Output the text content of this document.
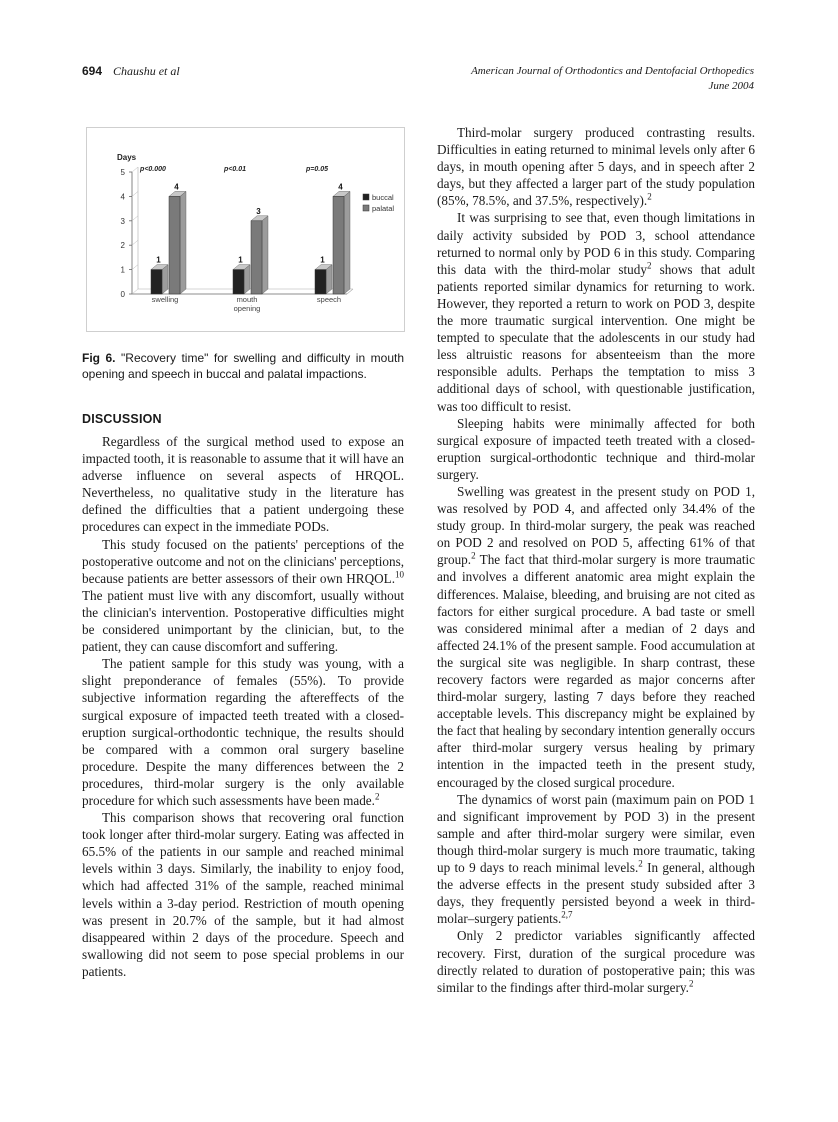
694 Chaushu et al	American Journal of Orthodontics and Dentofacial Orthopedics
June 2004
Days
0
1
2
3
4
5
1
4
swelling
p<0.000
1
3
mouth
opening
p<0.01
1
4
speech
p=0.05
buccal
palatal
Fig 6. "Recovery time" for swelling and difficulty in mouth opening and speech in buccal and palatal impactions.
DISCUSSION

Regardless of the surgical method used to expose an impacted tooth, it is reasonable to assume that it will have an adverse influence on several aspects of HRQOL. Nevertheless, no qualitative study in the literature has defined the difficulties that a patient undergoing these procedures can expect in the immediate PODs.

This study focused on the patients' perceptions of the postoperative outcome and not on the clinicians' perceptions, because patients are better assessors of their own HRQOL.$^{10}$ The patient must live with any discomfort, usually without the clinician's intervention. Postoperative difficulties might be considered unimportant by the clinician, but, to the patient, they can cause discomfort and suffering.

The patient sample for this study was young, with a slight preponderance of females (55%). To provide subjective information regarding the aftereffects of the surgical exposure of impacted teeth treated with a closed-eruption surgical-orthodontic technique, the results should be compared with a common oral surgery baseline procedure. Despite the many differences between the 2 procedures, third-molar surgery is the only available procedure for which such assessments have been made.$^2$

This comparison shows that recovering oral function took longer after third-molar surgery. Eating was affected in 65.5% of the patients in our sample and reached minimal levels within 3 days. Similarly, the inability to enjoy food, which had affected 31% of the sample, reached minimal levels within a 3-day period. Restriction of mouth opening was present in 20.7% of the sample, but it had almost disappeared within 2 days of the procedure. Speech and swallowing did not seem to pose special problems in our patients.

Third-molar surgery produced contrasting results. Difficulties in eating returned to minimal levels only after 6 days, in mouth opening after 5 days, and in speech after 2 days, but they affected a larger part of the study population (85%, 78.5%, and 37.5%, respectively).$^2$

It was surprising to see that, even though limitations in daily activity subsided by POD 3, school attendance returned to normal only by POD 6 in this study. Comparing this data with the third-molar study$^2$ shows that adult patients reported similar dynamics for returning to work. However, they reported a return to work on POD 3, despite the more traumatic surgical intervention. One might be tempted to speculate that the adolescents in our study had less altruistic reasons for absenteeism than the more responsible adults. Perhaps the temptation to miss 3 additional days of school, with questionable justification, was too difficult to resist.

Sleeping habits were minimally affected for both surgical exposure of impacted teeth treated with a closed-eruption surgical-orthodontic technique and third-molar surgery.

Swelling was greatest in the present study on POD 1, was resolved by POD 4, and affected only 34.4% of the study group. In third-molar surgery, the peak was reached on POD 2 and resolved on POD 5, affecting 61% of that group.$^2$ The fact that third-molar surgery is more traumatic and involves a different anatomic area might explain the differences. Malaise, bleeding, and bruising are not cited as factors for either surgical procedure. A bad taste or smell was considered minimal after a median of 2 days and affected 24.1% of the present sample. Food accumulation at the surgical site was negligible. In sharp contrast, these recovery factors were regarded as major concerns after third-molar surgery, lasting 7 days before they reached acceptable levels. This discrepancy might be explained by the fact that healing by secondary intention generally occurs after third-molar surgery versus healing by primary intention in the impacted teeth in the present study, encouraged by the closed surgical procedure.

The dynamics of worst pain (maximum pain on POD 1 and significant improvement by POD 3) in the present sample and after third-molar surgery were similar, even though third-molar surgery is much more traumatic, taking up to 9 days to reach minimal levels.$^2$ In general, although the adverse effects in the present study subsided after 3 days, they frequently persisted beyond a week in third-molar–surgery patients.$^{2,7}$

Only 2 predictor variables significantly affected recovery. First, duration of the surgical procedure was directly related to duration of postoperative pain; this was similar to the findings after third-molar surgery.$^2$
